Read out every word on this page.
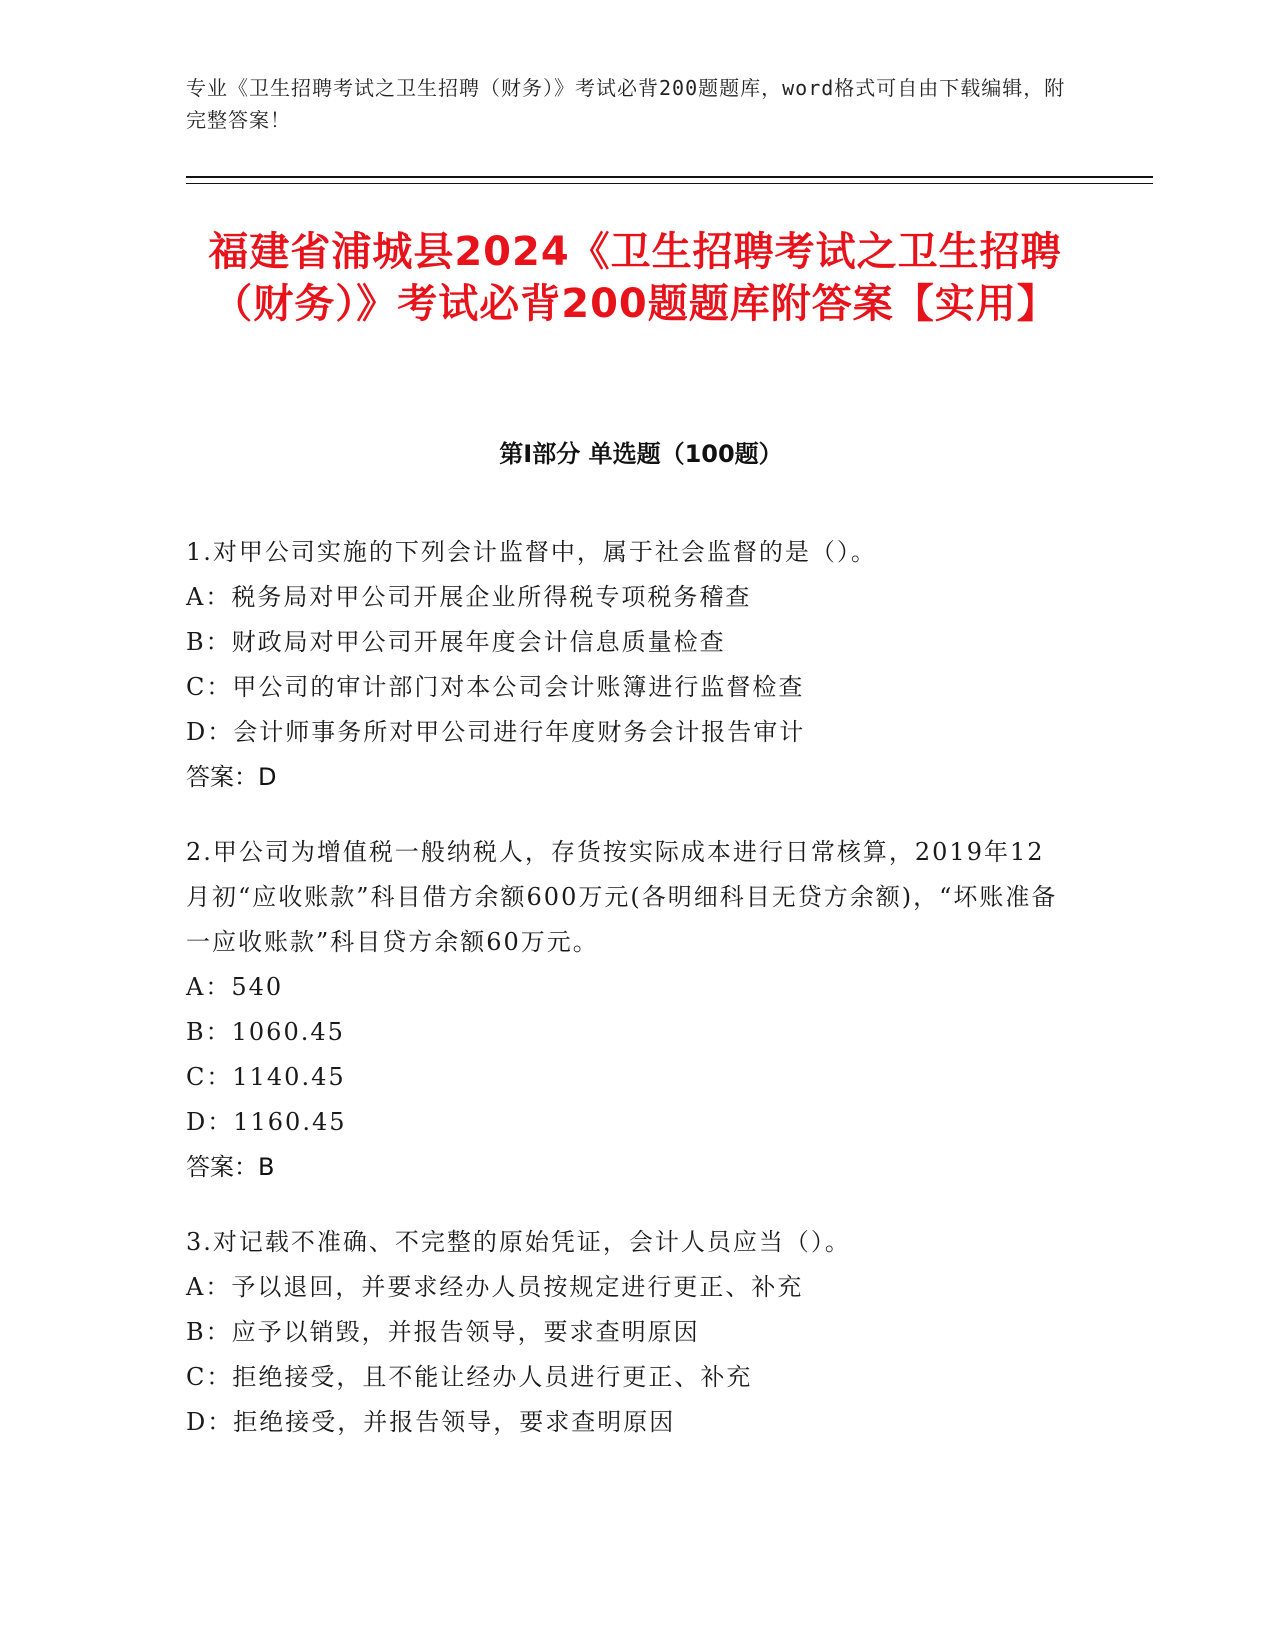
专业《卫生招聘考试之卫生招聘（财务）》考试必背200题题库，word格式可自由下载编辑，附完整答案！
福建省浦城县2024《卫生招聘考试之卫生招聘（财务）》考试必背200题题库附答案【实用】
第I部分 单选题（100题）
1.对甲公司实施的下列会计监督中，属于社会监督的是（）。
A：税务局对甲公司开展企业所得税专项税务稽查
B：财政局对甲公司开展年度会计信息质量检查
C：甲公司的审计部门对本公司会计账簿进行监督检查
D：会计师事务所对甲公司进行年度财务会计报告审计
答案：D
2.甲公司为增值税一般纳税人，存货按实际成本进行日常核算，2019年12月初“应收账款”科目借方余额600万元(各明细科目无贷方余额)，“坏账准备一应收账款”科目贷方余额60万元。
A：540
B：1060.45
C：1140.45
D：1160.45
答案：B
3.对记载不准确、不完整的原始凭证，会计人员应当（）。
A：予以退回，并要求经办人员按规定进行更正、补充
B：应予以销毁，并报告领导，要求查明原因
C：拒绝接受，且不能让经办人员进行更正、补充
D：拒绝接受，并报告领导，要求查明原因
